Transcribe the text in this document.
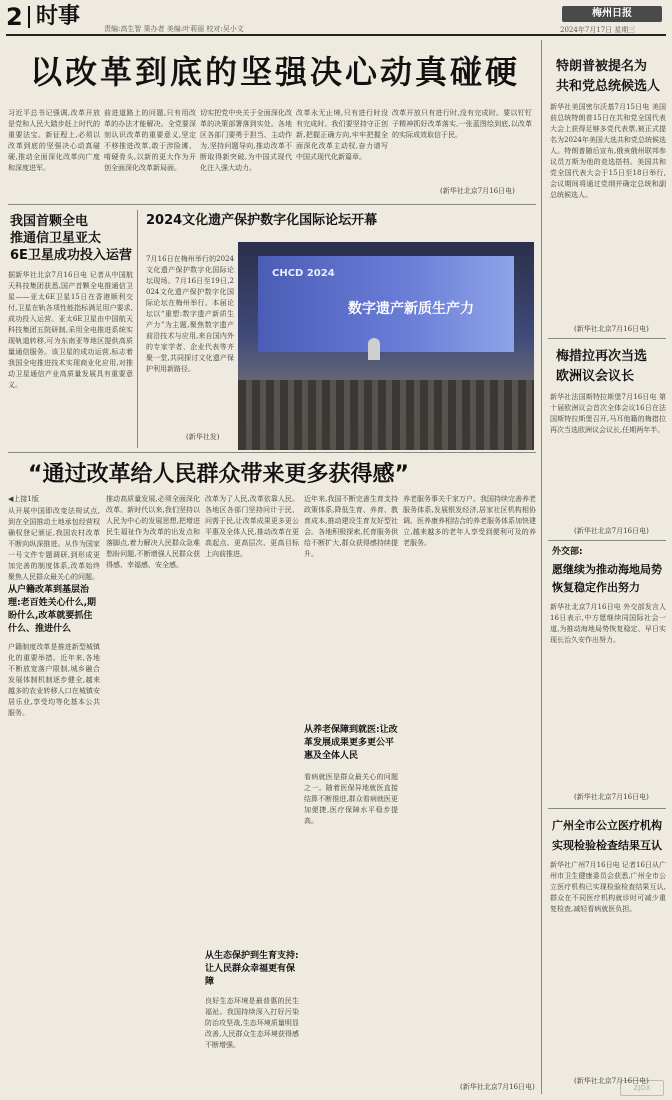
2 时事	责编:高生智 策办者 美编:叶莉丽 校对:吴小文
梅州日报
2024年7月17日 星期三
以改革到底的坚强决心动真碰硬
习近平总书记强调,改革开放是党和人民大踏步赶上时代的重要法宝。新征程上,必须以改革到底的坚强决心动真碰硬,推动全面深化改革向广度和深度进军。
前进道路上的问题,只有用改革的办法才能解决。全党要深刻认识改革的重要意义,坚定不移推进改革,敢于涉险滩、啃硬骨头,以新的更大作为开创全面深化改革新局面。
切实把党中央关于全面深化改革的决策部署落到实处。各地区各部门要勇于担当、主动作为,坚持问题导向,推动改革不断取得新突破,为中国式现代化注入强大动力。
改革永无止境,只有进行时没有完成时。我们要坚持守正创新,把握正确方向,牢牢把握全面深化改革主动权,奋力谱写中国式现代化新篇章。
改革开放只有进行时,没有完成时。要以钉钉子精神抓好改革落实,一张蓝图绘到底,以改革的实际成效取信于民。
(新华社北京7月16日电)
我国首颗全电
推通信卫星亚太
6E卫星成功投入运营
据新华社北京7月16日电 记者从中国航天科技集团获悉,国产首颗全电推通信卫星——亚太6E卫星15日在香港顺利交付,卫星在轨各项性能指标满足用户要求,成功投入运营。亚太6E卫星由中国航天科技集团五院研制,采用全电推进系统实现轨道转移,可为东南亚等地区提供高质量通信服务。该卫星的成功运营,标志着我国全电推进技术实现商业化应用,对推动卫星通信产业高质量发展具有重要意义。
2024文化遗产保护数字化国际论坛开幕
7月16日在梅州举行的2024文化遗产保护数字化国际论坛现场。7月16日至19日,2024文化遗产保护数字化国际论坛在梅州举行。本届论坛以“重塑:数字遗产新质生产力”为主题,聚焦数字遗产前沿技术与应用,来自国内外的专家学者、企业代表等齐聚一堂,共同探讨文化遗产保护利用新路径。
(新华社发)
CHCD 2024
数字遗产新质生产力
“通过改革给人民群众带来更多获得感”
◀上接1版
从开展中国即改变法规试点,到在全国推动土地承包经营权确权登记颁证,我国农村改革不断向纵深推进。从作为国家一号文件专题调研,到形成更加完善的制度体系,改革始终聚焦人民群众最关心的问题。
从户籍改革到基层治理:老百姓关心什么,期盼什么,改革就要抓住什么、推进什么
户籍制度改革是推进新型城镇化的重要举措。近年来,各地不断放宽落户限制,城乡融合发展体制机制逐步健全,越来越多的农业转移人口在城镇安居乐业,享受均等化基本公共服务。
推动高质量发展,必须全面深化改革。新时代以来,我们坚持以人民为中心的发展思想,把增进民生福祉作为改革的出发点和落脚点,着力解决人民群众急难愁盼问题,不断增强人民群众获得感、幸福感、安全感。
改革为了人民,改革依靠人民。各地区各部门坚持问计于民、问需于民,让改革成果更多更公平惠及全体人民,推动改革在更高起点、更高层次、更高目标上向前推进。
从生态保护到生育支持:让人民群众幸福更有保障
良好生态环境是最普惠的民生福祉。我国持续深入打好污染防治攻坚战,生态环境质量明显改善,人民群众生态环境获得感不断增强。
近年来,我国不断完善生育支持政策体系,降低生育、养育、教育成本,推动建设生育友好型社会。各地积极探索,托育服务供给不断扩大,群众获得感持续提升。
从养老保障到就医:让改革发展成果更多更公平惠及全体人民
看病就医是群众最关心的问题之一。随着医保异地就医直接结算不断推进,群众看病就医更加便捷,医疗保障水平稳步提高。
养老服务事关千家万户。我国持续完善养老服务体系,发展银发经济,居家社区机构相协调、医养康养相结合的养老服务体系加快建立,越来越多的老年人享受到便利可及的养老服务。
(新华社北京7月16日电)
特朗普被提名为
共和党总统候选人
新华社美国密尔沃基7月15日电 美国前总统特朗普15日在共和党全国代表大会上获得足够多党代表票,被正式提名为2024年美国大选共和党总统候选人。特朗普随后宣布,俄亥俄州联邦参议员万斯为他的竞选搭档。美国共和党全国代表大会于15日至18日举行,会议期间将通过党纲并确定总统和副总统候选人。
(新华社北京7月16日电)
梅措拉再次当选
欧洲议会议长
新华社法国斯特拉斯堡7月16日电 第十届欧洲议会首次全体会议16日在法国斯特拉斯堡召开,马耳他籍的梅措拉再次当选欧洲议会议长,任期两年半。
(新华社北京7月16日电)
外交部:
愿继续为推动海地局势
恢复稳定作出努力
新华社北京7月16日电 外交部发言人16日表示,中方愿继续同国际社会一道,为推动海地局势恢复稳定、早日实现长治久安作出努力。
(新华社北京7月16日电)
广州全市公立医疗机构
实现检验检查结果互认
新华社广州7月16日电 记者16日从广州市卫生健康委员会获悉,广州全市公立医疗机构已实现检验检查结果互认,群众在不同医疗机构就诊时可减少重复检查,减轻看病就医负担。
(新华社北京7月16日电)
ZJDX
